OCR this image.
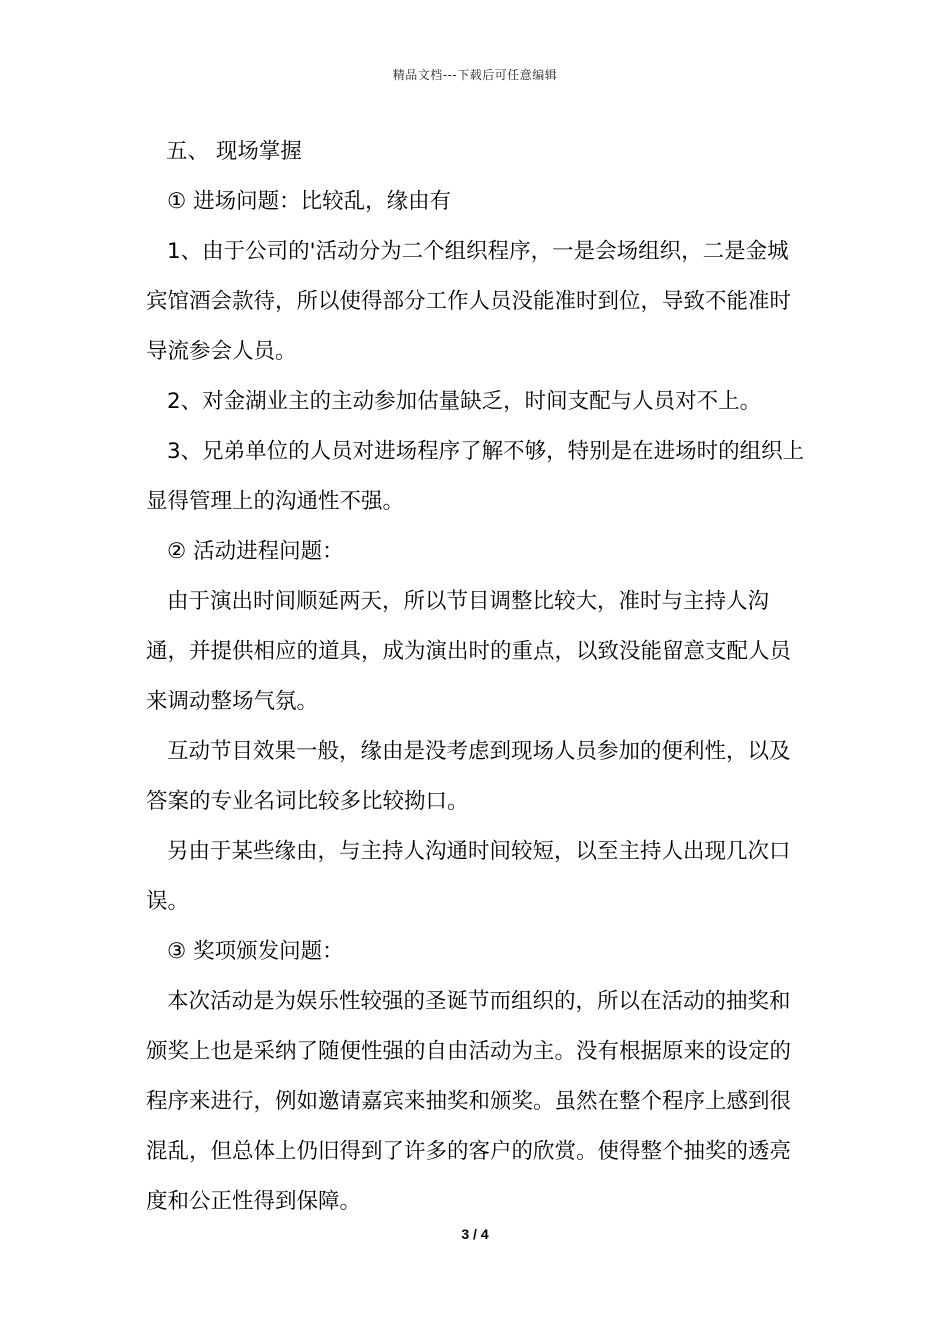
精品文档---下载后可任意编辑

五、 现场掌握

① 进场问题：比较乱，缘由有

1、由于公司的'活动分为二个组织程序，一是会场组织，二是金城宾馆酒会款待，所以使得部分工作人员没能准时到位，导致不能准时导流参会人员。

2、对金湖业主的主动参加估量缺乏，时间支配与人员对不上。

3、兄弟单位的人员对进场程序了解不够，特别是在进场时的组织上显得管理上的沟通性不强。

② 活动进程问题：

由于演出时间顺延两天，所以节目调整比较大，准时与主持人沟通，并提供相应的道具，成为演出时的重点，以致没能留意支配人员来调动整场气氛。

互动节目效果一般，缘由是没考虑到现场人员参加的便利性，以及答案的专业名词比较多比较拗口。

另由于某些缘由，与主持人沟通时间较短，以至主持人出现几次口误。

③ 奖项颁发问题：

本次活动是为娱乐性较强的圣诞节而组织的，所以在活动的抽奖和颁奖上也是采纳了随便性强的自由活动为主。没有根据原来的设定的程序来进行，例如邀请嘉宾来抽奖和颁奖。虽然在整个程序上感到很混乱，但总体上仍旧得到了许多的客户的欣赏。使得整个抽奖的透亮度和公正性得到保障。

3 / 4
